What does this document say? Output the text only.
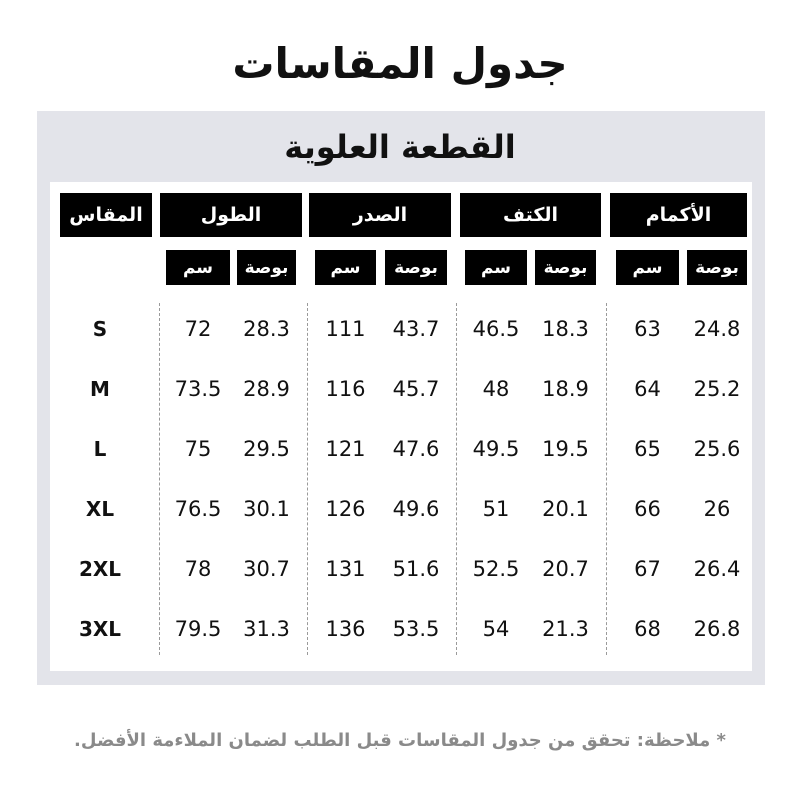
جدول المقاسات
القطعة العلوية
المقاس	الطول	الصدر	الكتف	الأكمام
سم	بوصة	سم	بوصة	سم	بوصة	سم	بوصة
S	72	28.3	111	43.7	46.5	18.3	63	24.8
M	73.5	28.9	116	45.7	48	18.9	64	25.2
L	75	29.5	121	47.6	49.5	19.5	65	25.6
XL	76.5	30.1	126	49.6	51	20.1	66	26
2XL	78	30.7	131	51.6	52.5	20.7	67	26.4
3XL	79.5	31.3	136	53.5	54	21.3	68	26.8
* ملاحظة: تحقق من جدول المقاسات قبل الطلب لضمان الملاءمة الأفضل.
